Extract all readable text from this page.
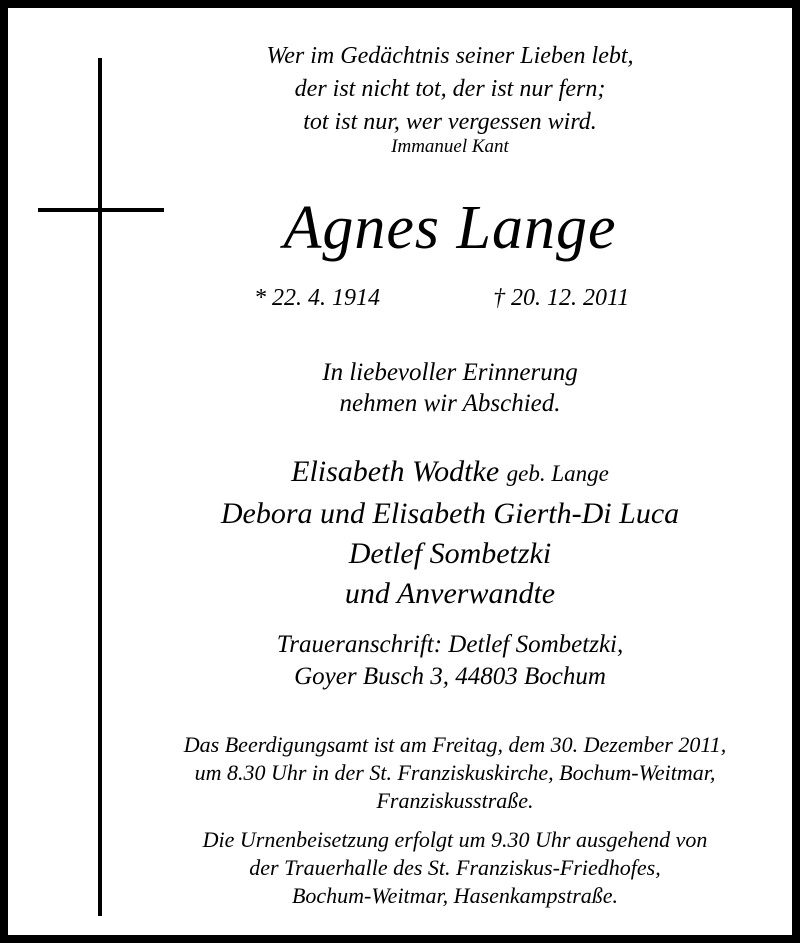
Wer im Gedächtnis seiner Lieben lebt,
der ist nicht tot, der ist nur fern;
tot ist nur, wer vergessen wird.
Immanuel Kant
Agnes Lange
* 22. 4. 1914	† 20. 12. 2011
In liebevoller Erinnerung
nehmen wir Abschied.
Elisabeth Wodtke geb. Lange
Debora und Elisabeth Gierth-Di Luca
Detlef Sombetzki
und Anverwandte
Traueranschrift: Detlef Sombetzki,
Goyer Busch 3, 44803 Bochum
Das Beerdigungsamt ist am Freitag, dem 30. Dezember 2011,
um 8.30 Uhr in der St. Franziskuskirche, Bochum-Weitmar,
Franziskusstraße.
Die Urnenbeisetzung erfolgt um 9.30 Uhr ausgehend von
der Trauerhalle des St. Franziskus-Friedhofes,
Bochum-Weitmar, Hasenkampstraße.
